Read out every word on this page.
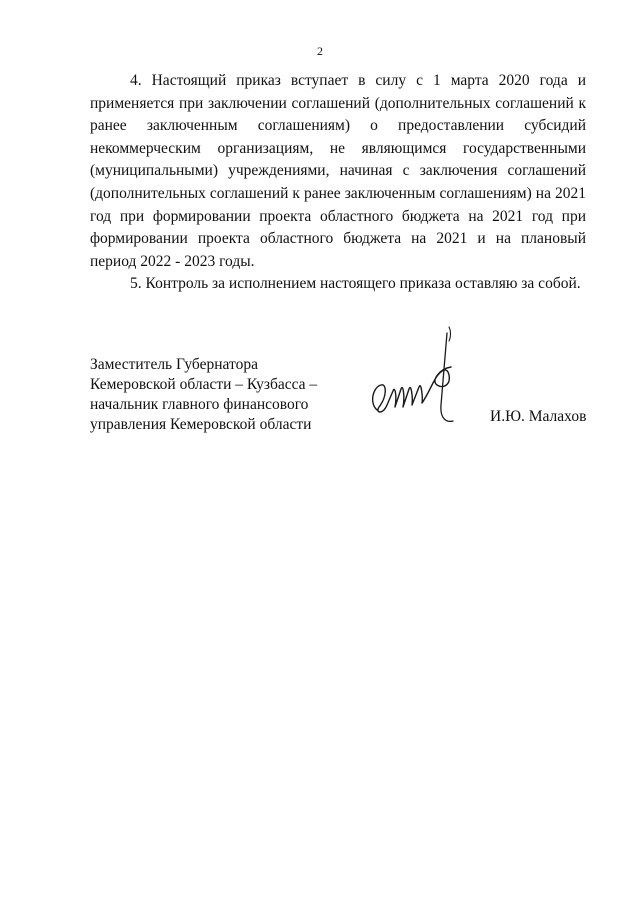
2

4. Настоящий приказ вступает в силу с 1 марта 2020 года и применяется при заключении соглашений (дополнительных соглашений к ранее заключенным соглашениям) о предоставлении субсидий некоммерческим организациям, не являющимся государственными (муниципальными) учреждениями, начиная с заключения соглашений (дополнительных соглашений к ранее заключенным соглашениям) на 2021 год при формировании проекта областного бюджета на 2021 год при формировании проекта областного бюджета на 2021 и на плановый период 2022 - 2023 годы.

5. Контроль за исполнением настоящего приказа оставляю за собой.

Заместитель Губернатора
Кемеровской области – Кузбасса –
начальник главного финансового
управления Кемеровской области	И.Ю. Малахов
